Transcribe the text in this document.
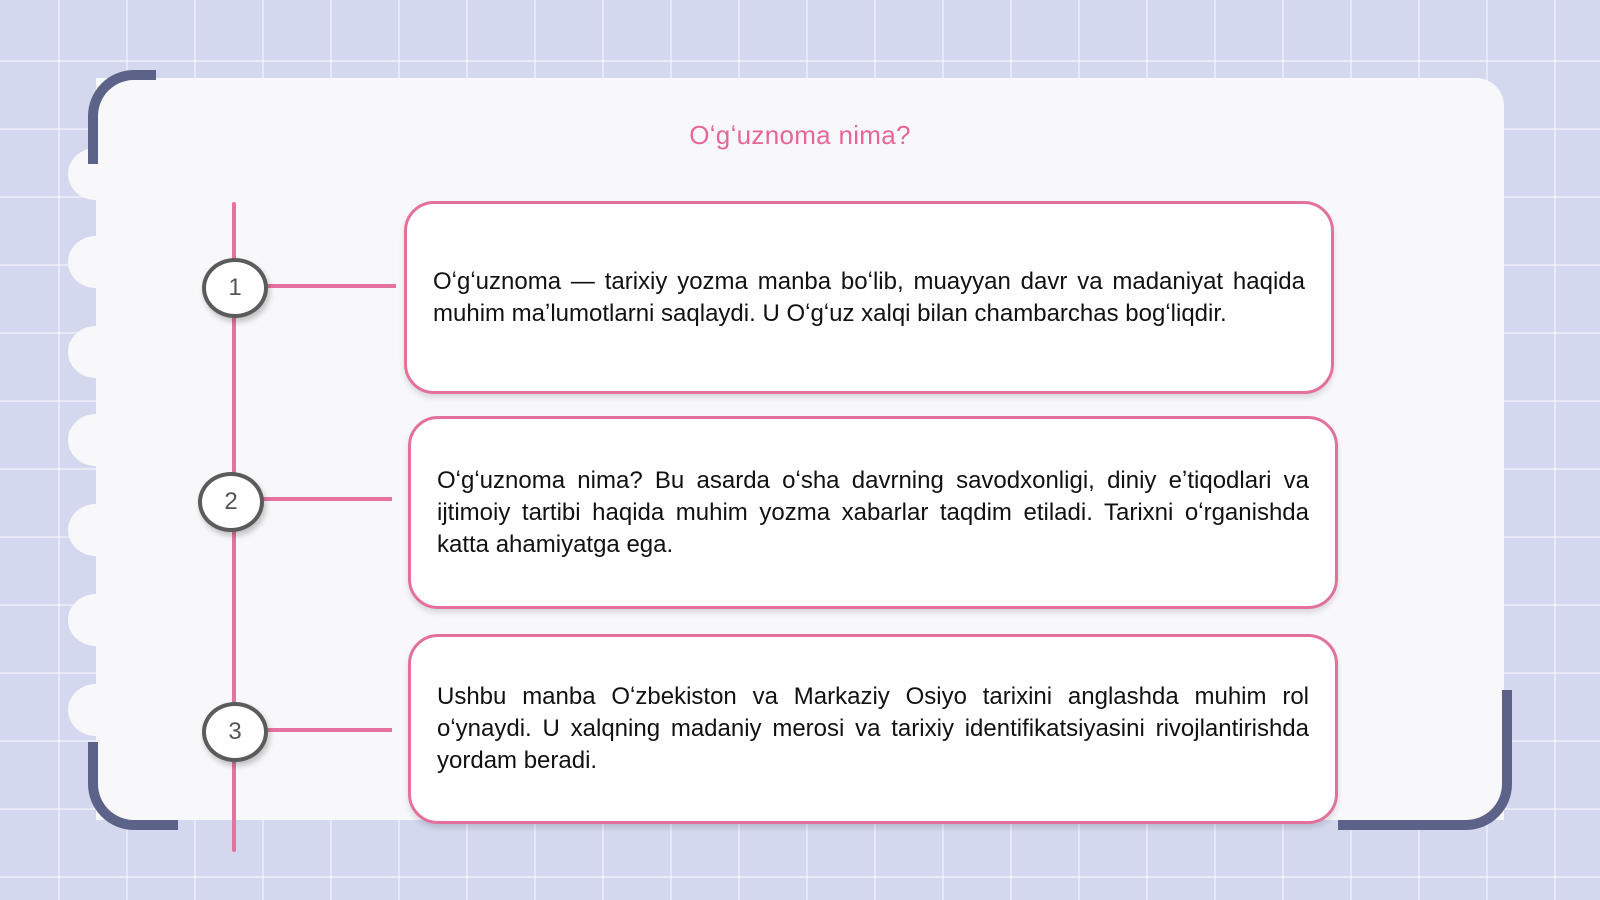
Oʻgʻuznoma nima?
1
2
3

Oʻgʻuznoma — tarixiy yozma manba boʻlib, muayyan davr va madaniyat haqida muhim maʼlumotlarni saqlaydi. U Oʻgʻuz xalqi bilan chambarchas bogʻliqdir.

Oʻgʻuznoma nima? Bu asarda oʻsha davrning savodxonligi, diniy eʼtiqodlari va ijtimoiy tartibi haqida muhim yozma xabarlar taqdim etiladi. Tarixni oʻrganishda katta ahamiyatga ega.

Ushbu manba Oʻzbekiston va Markaziy Osiyo tarixini anglashda muhim rol oʻynaydi. U xalqning madaniy merosi va tarixiy identifikatsiyasini rivojlantirishda yordam beradi.
